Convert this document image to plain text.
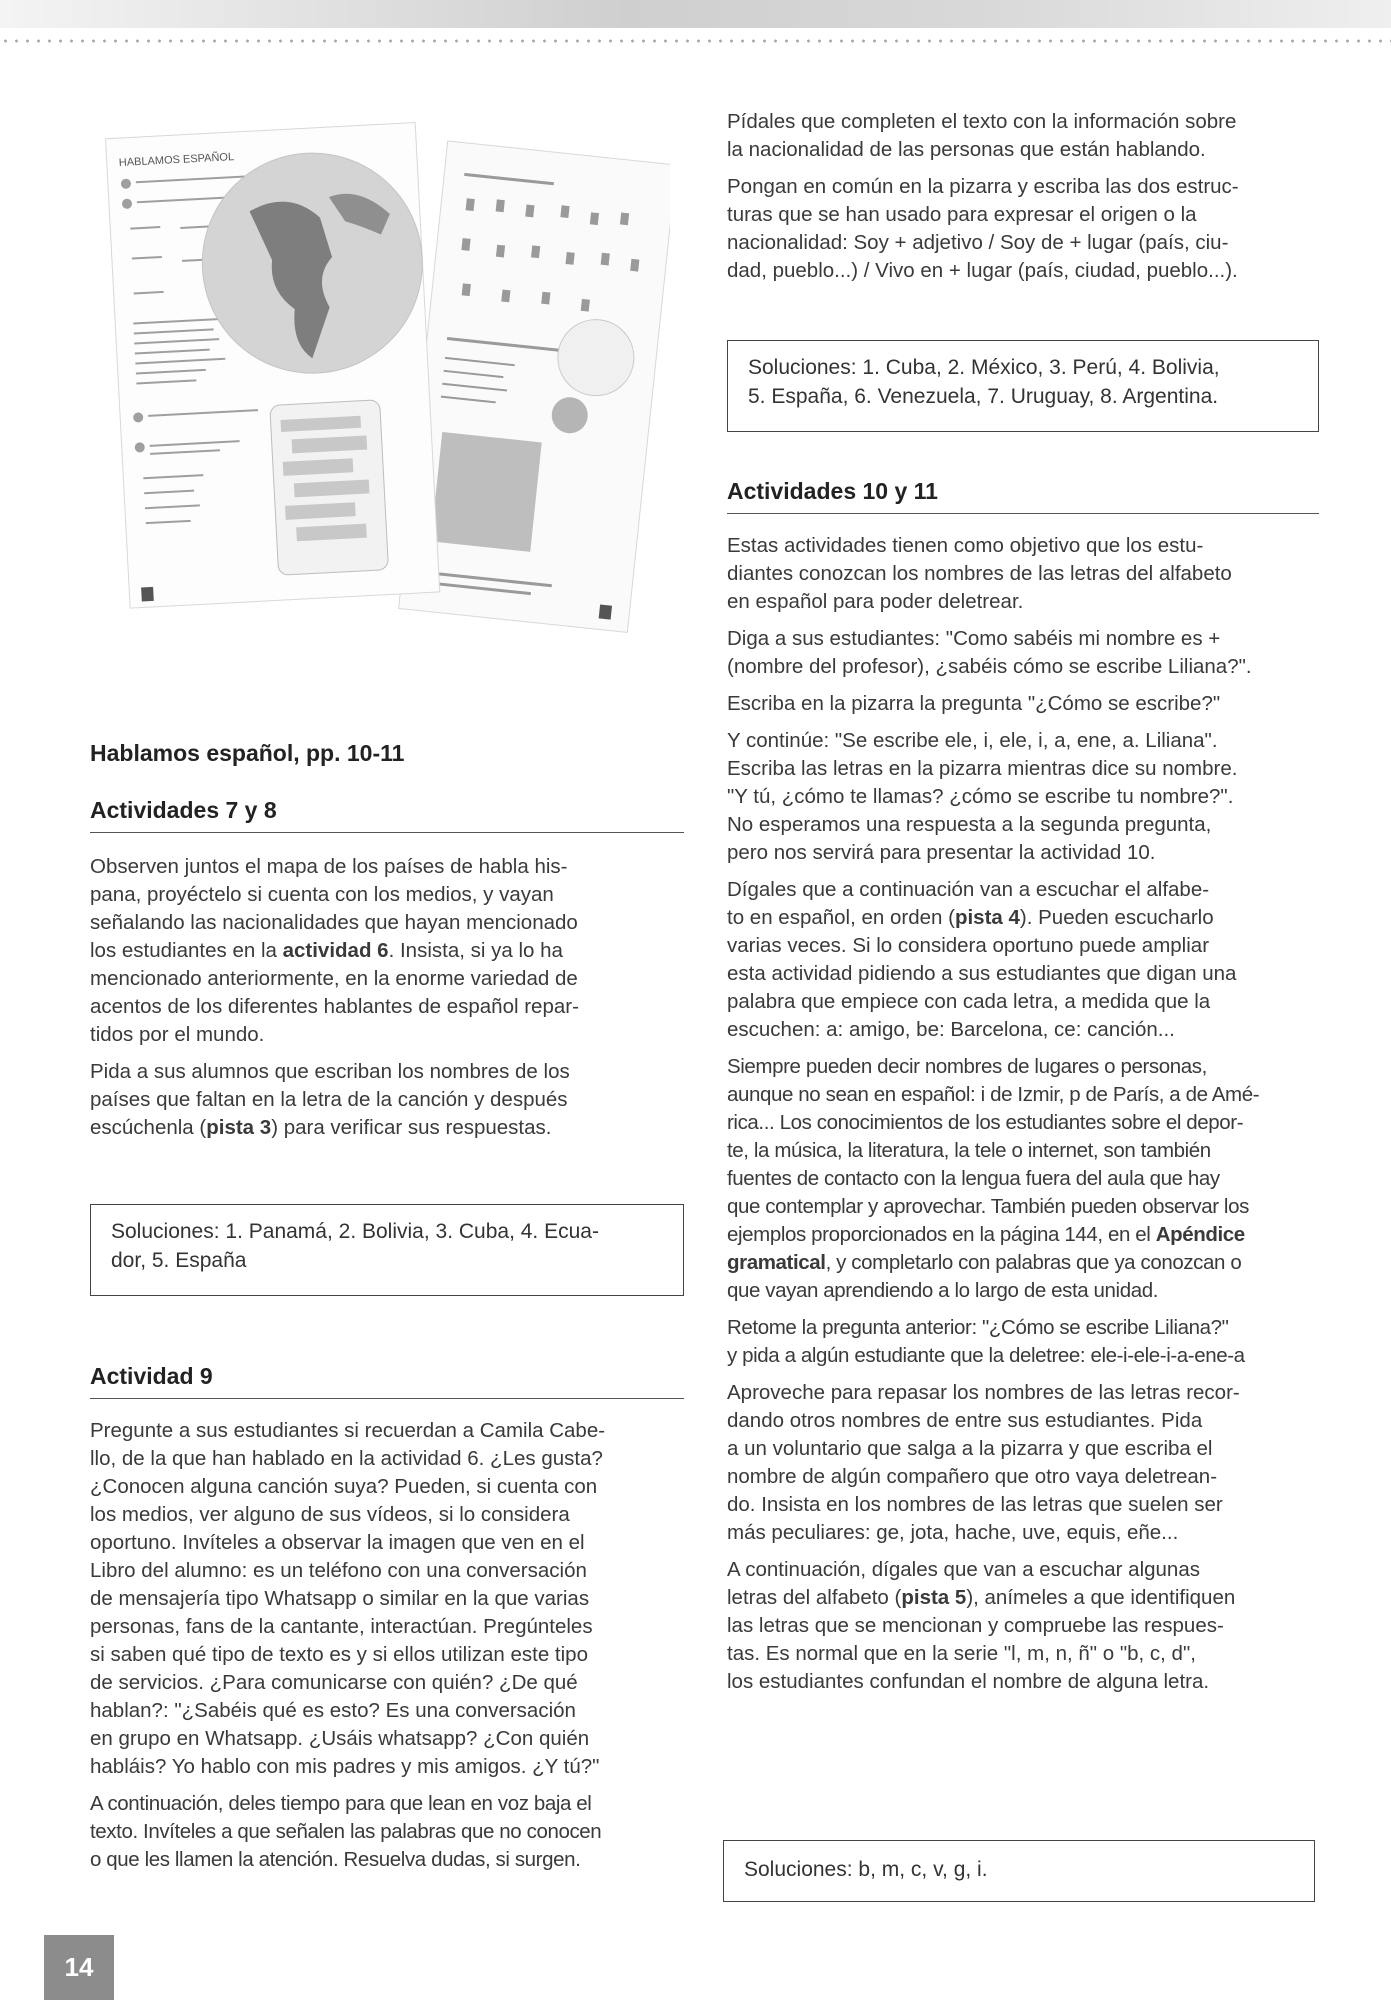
HABLAMOS ESPAÑOL

Pídales que completen el texto con la información sobre
la nacionalidad de las personas que están hablando.

Pongan en común en la pizarra y escriba las dos estruc-
turas que se han usado para expresar el origen o la
nacionalidad: Soy + adjetivo / Soy de + lugar (país, ciu-
dad, pueblo...) / Vivo en + lugar (país, ciudad, pueblo...).

Soluciones: 1. Cuba, 2. México, 3. Perú, 4. Bolivia,
5. España, 6. Venezuela, 7. Uruguay, 8. Argentina.
Actividades 10 y 11

Estas actividades tienen como objetivo que los estu-
diantes conozcan los nombres de las letras del alfabeto
en español para poder deletrear.

Diga a sus estudiantes: "Como sabéis mi nombre es +
(nombre del profesor), ¿sabéis cómo se escribe Liliana?".

Escriba en la pizarra la pregunta "¿Cómo se escribe?"

Y continúe: "Se escribe ele, i, ele, i, a, ene, a. Liliana".
Escriba las letras en la pizarra mientras dice su nombre.
"Y tú, ¿cómo te llamas? ¿cómo se escribe tu nombre?".
No esperamos una respuesta a la segunda pregunta,
pero nos servirá para presentar la actividad 10.

Dígales que a continuación van a escuchar el alfabe-
to en español, en orden (pista 4). Pueden escucharlo
varias veces. Si lo considera oportuno puede ampliar
esta actividad pidiendo a sus estudiantes que digan una
palabra que empiece con cada letra, a medida que la
escuchen: a: amigo, be: Barcelona, ce: canción...

Siempre pueden decir nombres de lugares o personas,
aunque no sean en español: i de Izmir, p de París, a de Amé-
rica... Los conocimientos de los estudiantes sobre el depor-
te, la música, la literatura, la tele o internet, son también
fuentes de contacto con la lengua fuera del aula que hay
que contemplar y aprovechar. También pueden observar los
ejemplos proporcionados en la página 144, en el Apéndice
gramatical, y completarlo con palabras que ya conozcan o
que vayan aprendiendo a lo largo de esta unidad.

Retome la pregunta anterior: "¿Cómo se escribe Liliana?"
y pida a algún estudiante que la deletree: ele-i-ele-i-a-ene-a

Aproveche para repasar los nombres de las letras recor-
dando otros nombres de entre sus estudiantes. Pida
a un voluntario que salga a la pizarra y que escriba el
nombre de algún compañero que otro vaya deletrean-
do. Insista en los nombres de las letras que suelen ser
más peculiares: ge, jota, hache, uve, equis, eñe...

A continuación, dígales que van a escuchar algunas
letras del alfabeto (pista 5), anímeles a que identifiquen
las letras que se mencionan y compruebe las respues-
tas. Es normal que en la serie "l, m, n, ñ" o "b, c, d",
los estudiantes confundan el nombre de alguna letra.

Soluciones: b, m, c, v, g, i.
Hablamos español, pp. 10-11
Actividades 7 y 8

Observen juntos el mapa de los países de habla his-
pana, proyéctelo si cuenta con los medios, y vayan
señalando las nacionalidades que hayan mencionado
los estudiantes en la actividad 6. Insista, si ya lo ha
mencionado anteriormente, en la enorme variedad de
acentos de los diferentes hablantes de español repar-
tidos por el mundo.

Pida a sus alumnos que escriban los nombres de los
países que faltan en la letra de la canción y después
escúchenla (pista 3) para verificar sus respuestas.

Soluciones: 1. Panamá, 2. Bolivia, 3. Cuba, 4. Ecua-
dor, 5. España
Actividad 9

Pregunte a sus estudiantes si recuerdan a Camila Cabe-
llo, de la que han hablado en la actividad 6. ¿Les gusta?
¿Conocen alguna canción suya? Pueden, si cuenta con
los medios, ver alguno de sus vídeos, si lo considera
oportuno. Invíteles a observar la imagen que ven en el
Libro del alumno: es un teléfono con una conversación
de mensajería tipo Whatsapp o similar en la que varias
personas, fans de la cantante, interactúan. Pregúnteles
si saben qué tipo de texto es y si ellos utilizan este tipo
de servicios. ¿Para comunicarse con quién? ¿De qué
hablan?: "¿Sabéis qué es esto? Es una conversación
en grupo en Whatsapp. ¿Usáis whatsapp? ¿Con quién
habláis? Yo hablo con mis padres y mis amigos. ¿Y tú?"

A continuación, deles tiempo para que lean en voz baja el
texto. Invíteles a que señalen las palabras que no conocen
o que les llamen la atención. Resuelva dudas, si surgen.

14
